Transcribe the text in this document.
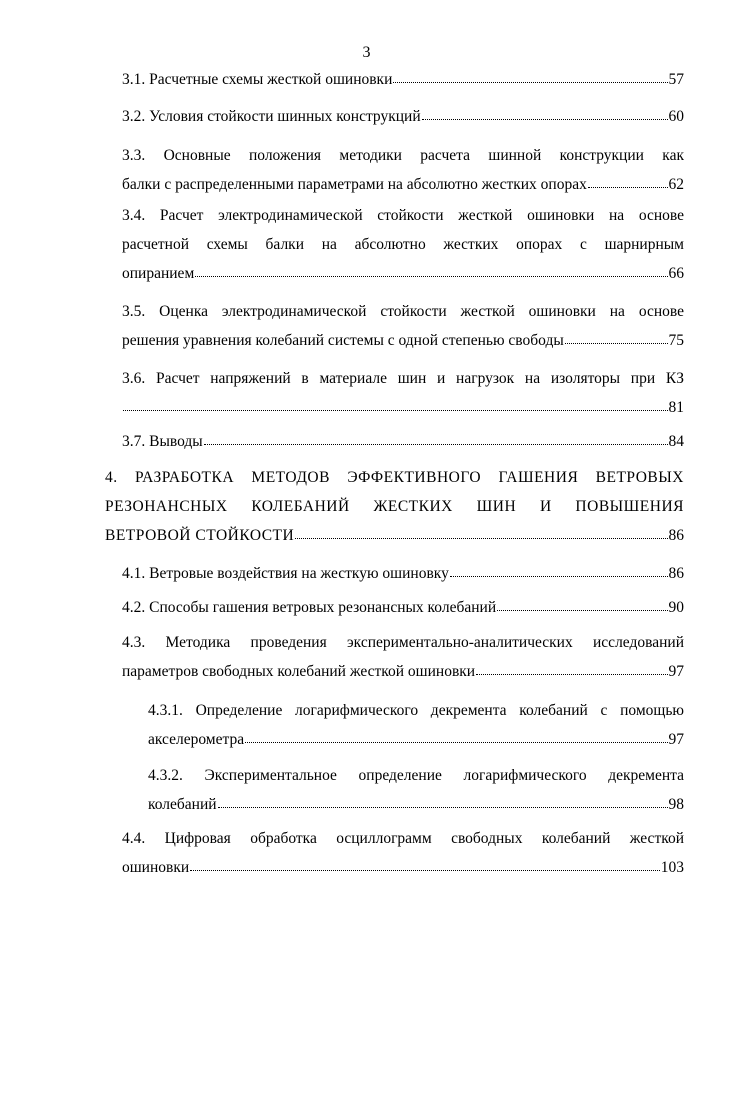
3
3.1. Расчетные схемы жесткой ошиновки	57
3.2. Условия стойкости шинных конструкций	60
3.3. Основные положения методики расчета шинной конструкции как
балки с распределенными параметрами на абсолютно жестких опорах	62
3.4. Расчет электродинамической стойкости жесткой ошиновки на основе
расчетной схемы балки на абсолютно жестких опорах с шарнирным
опиранием	66
3.5. Оценка электродинамической стойкости жесткой ошиновки на основе
решения уравнения колебаний системы с одной степенью свободы	75
3.6. Расчет напряжений в материале шин и нагрузок на изоляторы при КЗ
81
3.7. Выводы	84
4. РАЗРАБОТКА МЕТОДОВ ЭФФЕКТИВНОГО ГАШЕНИЯ ВЕТРОВЫХ
РЕЗОНАНСНЫХ КОЛЕБАНИЙ ЖЕСТКИХ ШИН И ПОВЫШЕНИЯ
ВЕТРОВОЙ СТОЙКОСТИ	86
4.1. Ветровые воздействия на жесткую ошиновку	86
4.2. Способы гашения ветровых резонансных колебаний	90
4.3. Методика проведения экспериментально-аналитических исследований
параметров свободных колебаний жесткой ошиновки	97
4.3.1. Определение логарифмического декремента колебаний с помощью
акселерометра	97
4.3.2. Экспериментальное определение логарифмического декремента
колебаний	98
4.4. Цифровая обработка осциллограмм свободных колебаний жесткой
ошиновки	103
